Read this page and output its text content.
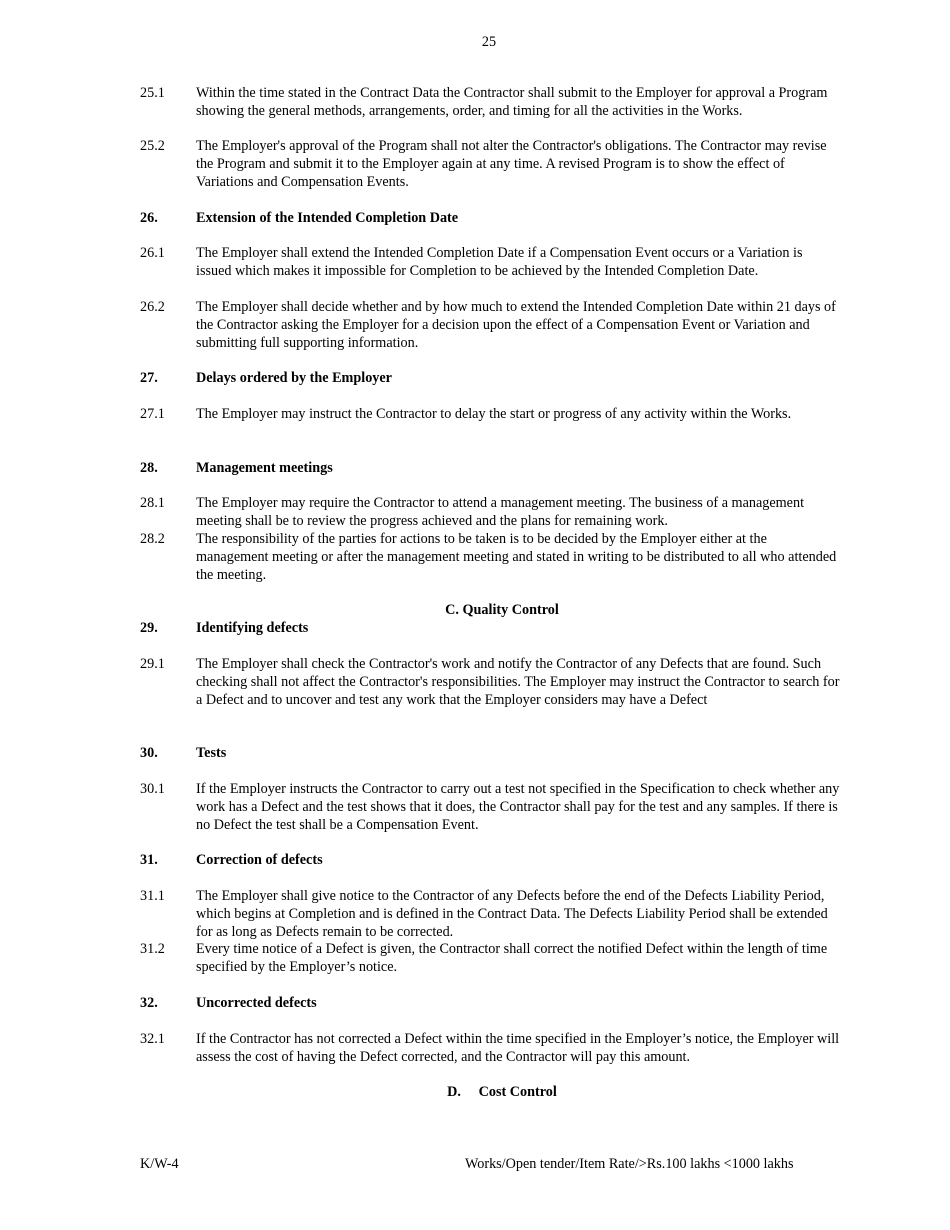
25
25.1	Within the time stated in the Contract Data the Contractor shall submit to the Employer for approval a Program showing the general methods, arrangements, order, and timing for all the activities in the Works.
25.2	The Employer's approval of the Program shall not alter the Contractor's obligations. The Contractor may revise the Program and submit it to the Employer again at any time. A revised Program is to show the effect of Variations and Compensation Events.
26.	Extension of the Intended Completion Date
26.1	The Employer shall extend the Intended Completion Date if a Compensation Event occurs or a Variation is issued which makes it impossible for Completion to be achieved by the Intended Completion Date.
26.2	The Employer shall decide whether and by how much to extend the Intended Completion Date within 21 days of the Contractor asking the Employer for a decision upon the effect of a Compensation Event or Variation and submitting full supporting information.
27.	Delays ordered by the Employer
27.1	The Employer may instruct the Contractor to delay the start or progress of any activity within the Works.
28.	Management meetings
28.1	The Employer may require the Contractor to attend a management meeting. The business of a management meeting shall be to review the progress achieved and the plans for remaining work.
28.2	The responsibility of the parties for actions to be taken is to be decided by the Employer either at the management meeting or after the management meeting and stated in writing to be distributed to all who attended the meeting.
C. Quality Control
29.	Identifying defects
29.1	The Employer shall check the Contractor's work and notify the Contractor of any Defects that are found. Such checking shall not affect the Contractor's responsibilities. The Employer may instruct the Contractor to search for a Defect and to uncover and test any work that the Employer considers may have a Defect
30.	Tests
30.1	If the Employer instructs the Contractor to carry out a test not specified in the Specification to check whether any work has a Defect and the test shows that it does, the Contractor shall pay for the test and any samples. If there is no Defect the test shall be a Compensation Event.
31.	Correction of defects
31.1	The Employer shall give notice to the Contractor of any Defects before the end of the Defects Liability Period, which begins at Completion and is defined in the Contract Data. The Defects Liability Period shall be extended for as long as Defects remain to be corrected.
31.2	Every time notice of a Defect is given, the Contractor shall correct the notified Defect within the length of time specified by the Employer’s notice.
32.	Uncorrected defects
32.1	If the Contractor has not corrected a Defect within the time specified in the Employer’s notice, the Employer will assess the cost of having the Defect corrected, and the Contractor will pay this amount.
D.     Cost Control
K/W-4	Works/Open tender/Item Rate/>Rs.100 lakhs <1000 lakhs
